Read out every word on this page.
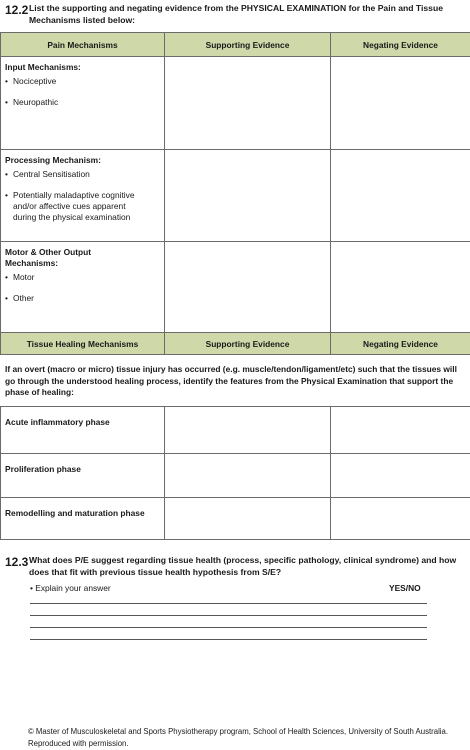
12.2 List the supporting and negating evidence from the PHYSICAL EXAMINATION for the Pain and Tissue Mechanisms listed below:
Pain Mechanisms	Supporting Evidence	Negating Evidence

Input Mechanisms:
• Nociceptive
• Neuropathic		

Processing Mechanism:
• Central Sensitisation
• Potentially maladaptive cognitive and/or affective cues apparent during the physical examination		

Motor & Other Output Mechanisms:
• Motor
• Other		

Tissue Healing Mechanisms	Supporting Evidence	Negating Evidence
If an overt (macro or micro) tissue injury has occurred (e.g. muscle/tendon/ligament/etc) such that the tissues will go through the understood healing process, identify the features from the Physical Examination that support the phase of healing:
Acute inflammatory phase		

Proliferation phase		

Remodelling and maturation phase		

12.3 What does P/E suggest regarding tissue health (process, specific pathology, clinical syndrome) and how does that fit with previous tissue health hypothesis from S/E?
• Explain your answer	YES/NO
© Master of Musculoskeletal and Sports Physiotherapy program, School of Health Sciences, University of South Australia. Reproduced with permission.
